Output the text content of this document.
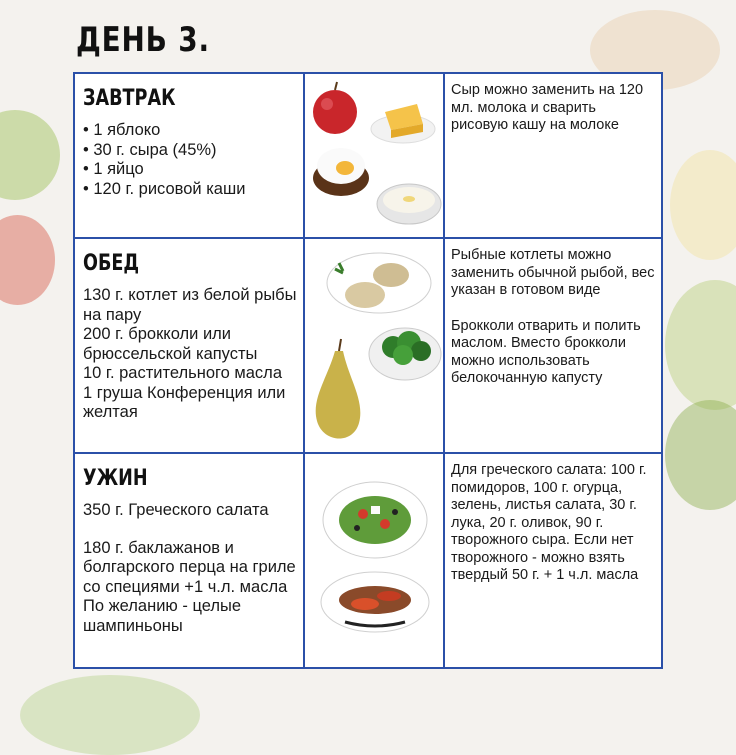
ДЕНЬ 3.
ЗАВТРАК
• 1 яблоко
• 30 г. сыра (45%)
• 1 яйцо
• 120 г. рисовой каши
Сыр можно заменить на 120 мл. молока и сварить рисовую кашу на молоке
ОБЕД
130 г. котлет из белой рыбы на пару
200 г. брокколи или брюссельской капусты
10 г. растительного масла
1 груша Конференция или желтая
Рыбные котлеты можно заменить обычной рыбой, вес указан в готовом виде
Брокколи отварить и полить маслом. Вместо брокколи можно использовать белокочанную капусту
УЖИН
350 г. Греческого салата
180 г. баклажанов и болгарского перца на гриле со специями +1 ч.л. масла
По желанию - целые шампиньоны
Для греческого салата: 100 г. помидоров, 100 г. огурца, зелень, листья салата, 30 г. лука, 20 г. оливок, 90 г. творожного сыра. Если нет творожного - можно взять твердый 50 г. + 1 ч.л. масла
